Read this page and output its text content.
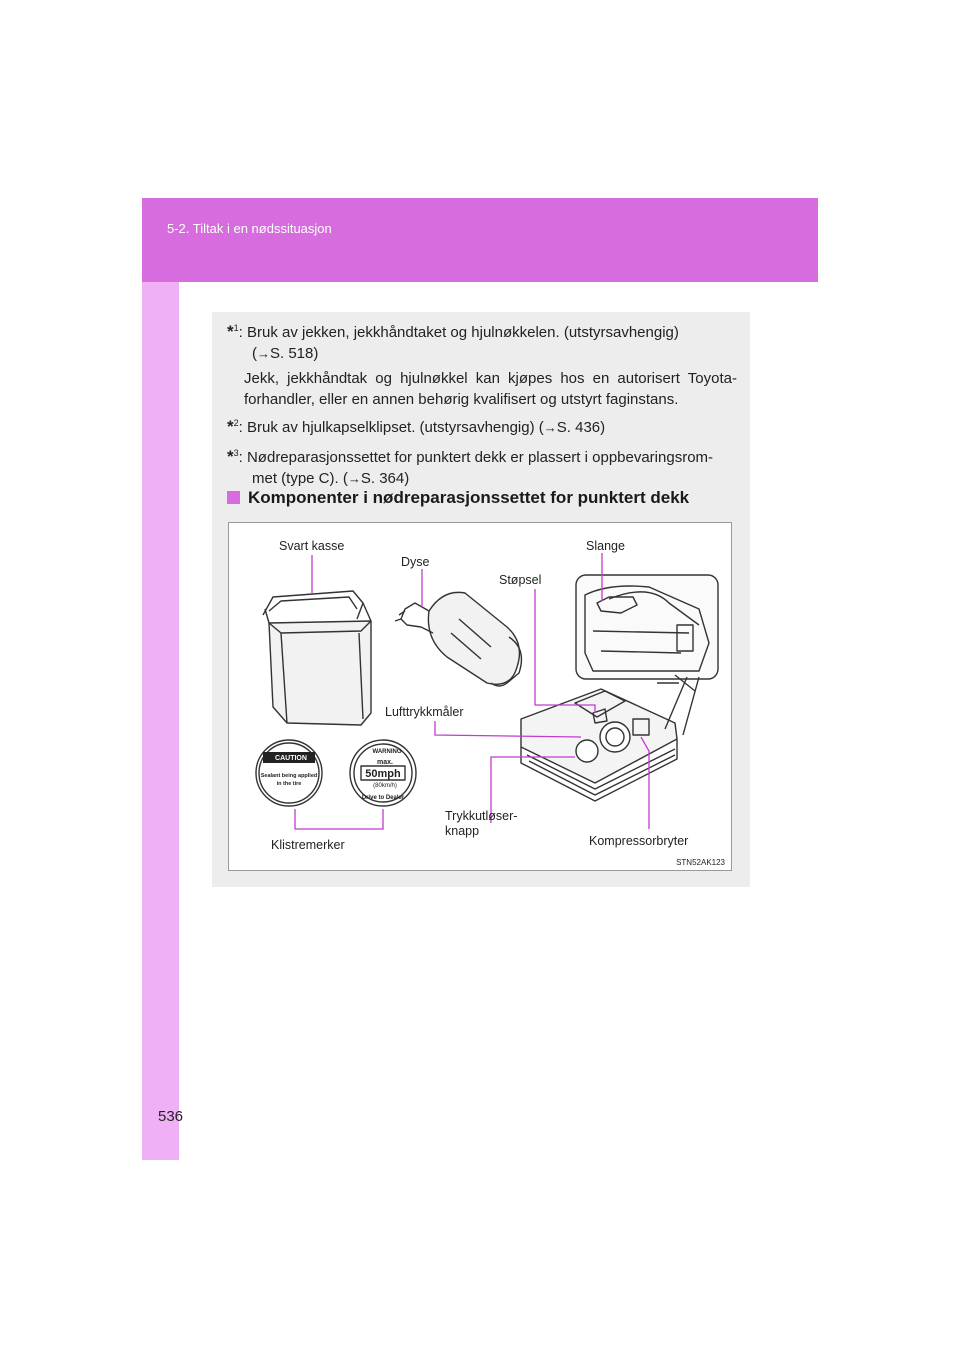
5-2. Tiltak i en nødssituasjon
*$^1$: Bruk av jekken, jekkhåndtaket og hjulnøkkelen. (utstyrsavhengig)
(→S. 518)
Jekk, jekkhåndtak og hjulnøkkel kan kjøpes hos en autorisert Toyota-forhandler, eller en annen behørig kvalifisert og utstyrt faginstans.
*$^2$: Bruk av hjulkapselklipset. (utstyrsavhengig) (→S. 436)
*$^3$: Nødreparasjonssettet for punktert dekk er plassert i oppbevaringsrom-
met (type C). (→S. 364)
Komponenter i nødreparasjonssettet for punktert dekk
CAUTION
Sealant being applied
in the tire
WARNING
max.
50mph
(80km/h)
Drive to Dealer
Svart kasse
Dyse
Slange
Støpsel
Lufttrykkmåler
Trykkutløser-
knapp
Kompressorbryter
Klistremerker
STN52AK123
536
